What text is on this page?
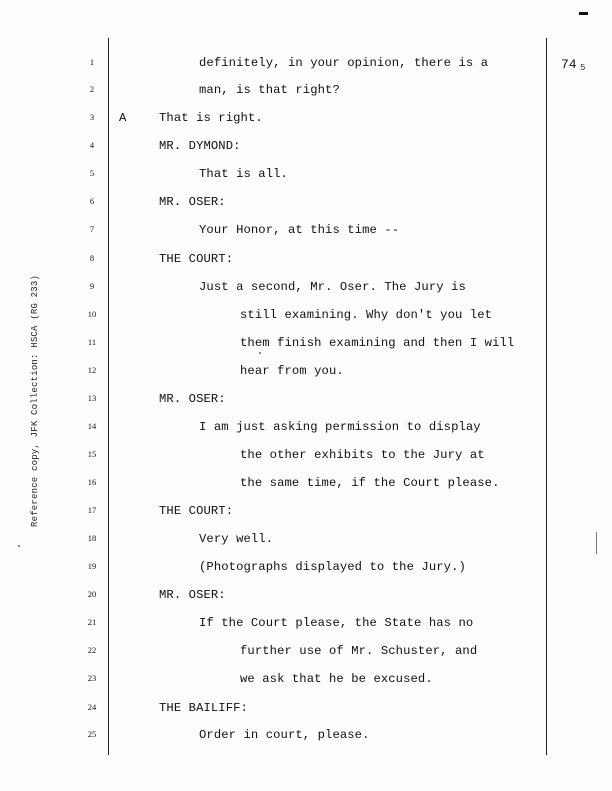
74 5
Reference copy, JFK Collection: HSCA (RG 233)
1	definitely, in your opinion, there is a
2	man, is that right?
3	A	That is right.
4	MR. DYMOND:
5	That is all.
6	MR. OSER:
7	Your Honor, at this time --
8	THE COURT:
9	Just a second, Mr. Oser. The Jury is
10	still examining. Why don't you let
11	them finish examining and then I will
12	hear from you.
13	MR. OSER:
14	I am just asking permission to display
15	the other exhibits to the Jury at
16	the same time, if the Court please.
17	THE COURT:
18	Very well.
19	(Photographs displayed to the Jury.)
20	MR. OSER:
21	If the Court please, the State has no
22	further use of Mr. Schuster, and
23	we ask that he be excused.
24	THE BAILIFF:
25	Order in court, please.
